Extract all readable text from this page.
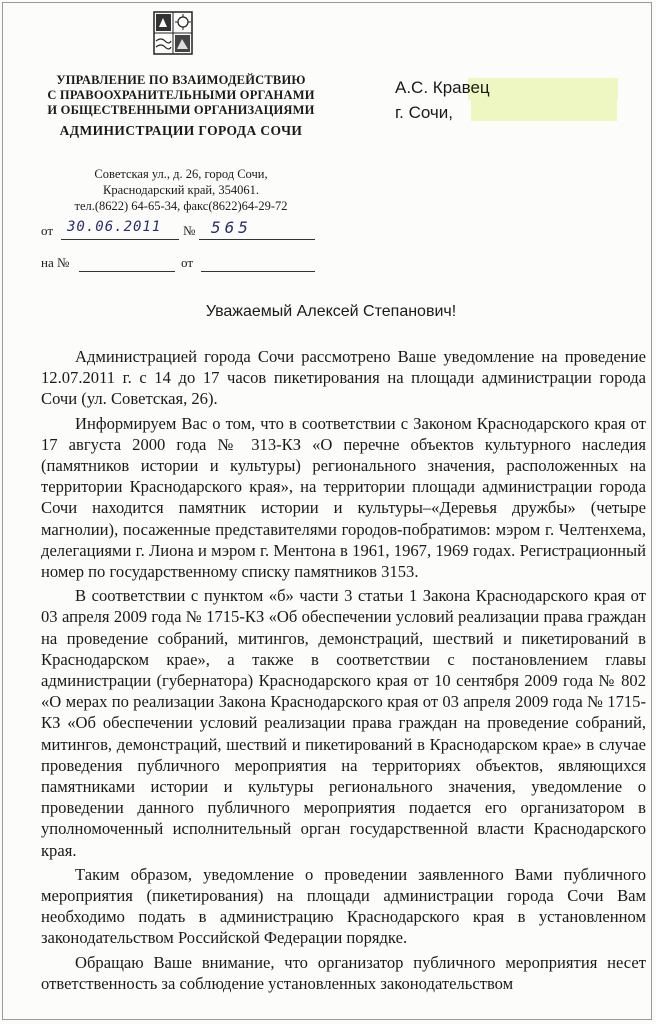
УПРАВЛЕНИЕ ПО ВЗАИМОДЕЙСТВИЮ
С ПРАВООХРАНИТЕЛЬНЫМИ ОРГАНАМИ
И ОБЩЕСТВЕННЫМИ ОРГАНИЗАЦИЯМИ
АДМИНИСТРАЦИИ ГОРОДА СОЧИ
Советская ул., д. 26, город Сочи,
Краснодарский край, 354061.
тел.(8622) 64-65-34, факс(8622)64-29-72
от 30.06.2011 № 565
на №	от
А.С. Кравец
г. Сочи,
Уважаемый Алексей Степанович!

Администрацией города Сочи рассмотрено Ваше уведомление на проведение 12.07.2011 г. с 14 до 17 часов пикетирования на площади администрации города Сочи (ул. Советская, 26).

Информируем Вас о том, что в соответствии с Законом Краснодарского края от 17 августа 2000 года № 313-КЗ «О перечне объектов культурного наследия (памятников истории и культуры) регионального значения, расположенных на территории Краснодарского края», на территории площади администрации города Сочи находится памятник истории и культуры–«Деревья дружбы» (четыре магнолии), посаженные представителями городов-побратимов: мэром г. Челтенхема, делегациями г. Лиона и мэром г. Ментона в 1961, 1967, 1969 годах. Регистрационный номер по государственному списку памятников 3153.

В соответствии с пунктом «б» части 3 статьи 1 Закона Краснодарского края от 03 апреля 2009 года № 1715-КЗ «Об обеспечении условий реализации права граждан на проведение собраний, митингов, демонстраций, шествий и пикетирований в Краснодарском крае», а также в соответствии с постановлением главы администрации (губернатора) Краснодарского края от 10 сентября 2009 года № 802 «О мерах по реализации Закона Краснодарского края от 03 апреля 2009 года № 1715-КЗ «Об обеспечении условий реализации права граждан на проведение собраний, митингов, демонстраций, шествий и пикетирований в Краснодарском крае» в случае проведения публичного мероприятия на территориях объектов, являющихся памятниками истории и культуры регионального значения, уведомление о проведении данного публичного мероприятия подается его организатором в уполномоченный исполнительный орган государственной власти Краснодарского края.

Таким образом, уведомление о проведении заявленного Вами публичного мероприятия (пикетирования) на площади администрации города Сочи Вам необходимо подать в администрацию Краснодарского края в установленном законодательством Российской Федерации порядке.

Обращаю Ваше внимание, что организатор публичного мероприятия несет ответственность за соблюдение установленных законодательством
